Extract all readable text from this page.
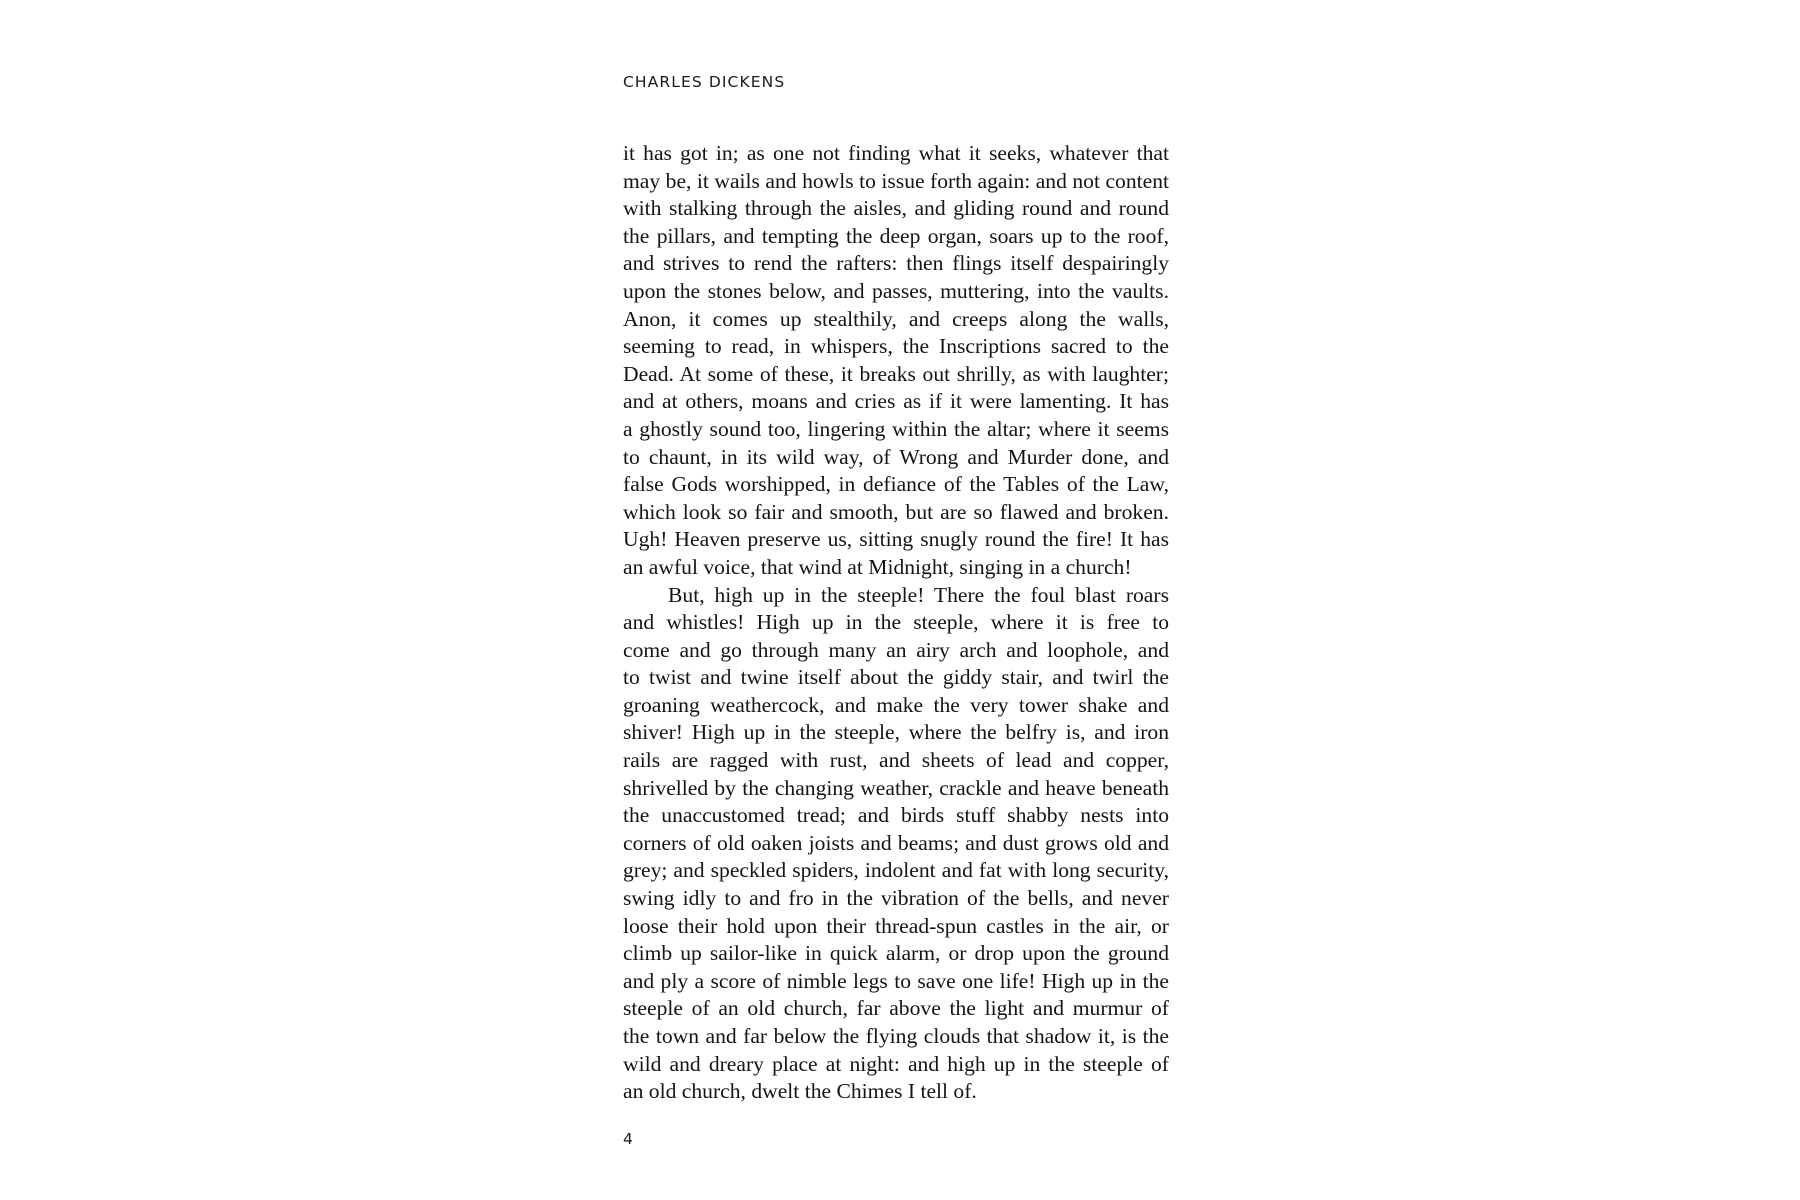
CHARLES DICKENS
it has got in; as one not finding what it seeks, whatever that
may be, it wails and howls to issue forth again: and not content
with stalking through the aisles, and gliding round and round
the pillars, and tempting the deep organ, soars up to the roof,
and strives to rend the rafters: then flings itself despairingly
upon the stones below, and passes, muttering, into the vaults.
Anon, it comes up stealthily, and creeps along the walls,
seeming to read, in whispers, the Inscriptions sacred to the
Dead. At some of these, it breaks out shrilly, as with laughter;
and at others, moans and cries as if it were lamenting. It has
a ghostly sound too, lingering within the altar; where it seems
to chaunt, in its wild way, of Wrong and Murder done, and
false Gods worshipped, in defiance of the Tables of the Law,
which look so fair and smooth, but are so flawed and broken.
Ugh! Heaven preserve us, sitting snugly round the fire! It has
an awful voice, that wind at Midnight, singing in a church!
But, high up in the steeple! There the foul blast roars
and whistles! High up in the steeple, where it is free to
come and go through many an airy arch and loophole, and
to twist and twine itself about the giddy stair, and twirl the
groaning weathercock, and make the very tower shake and
shiver! High up in the steeple, where the belfry is, and iron
rails are ragged with rust, and sheets of lead and copper,
shrivelled by the changing weather, crackle and heave beneath
the unaccustomed tread; and birds stuff shabby nests into
corners of old oaken joists and beams; and dust grows old and
grey; and speckled spiders, indolent and fat with long security,
swing idly to and fro in the vibration of the bells, and never
loose their hold upon their thread-spun castles in the air, or
climb up sailor-like in quick alarm, or drop upon the ground
and ply a score of nimble legs to save one life! High up in the
steeple of an old church, far above the light and murmur of
the town and far below the flying clouds that shadow it, is the
wild and dreary place at night: and high up in the steeple of
an old church, dwelt the Chimes I tell of.
4
